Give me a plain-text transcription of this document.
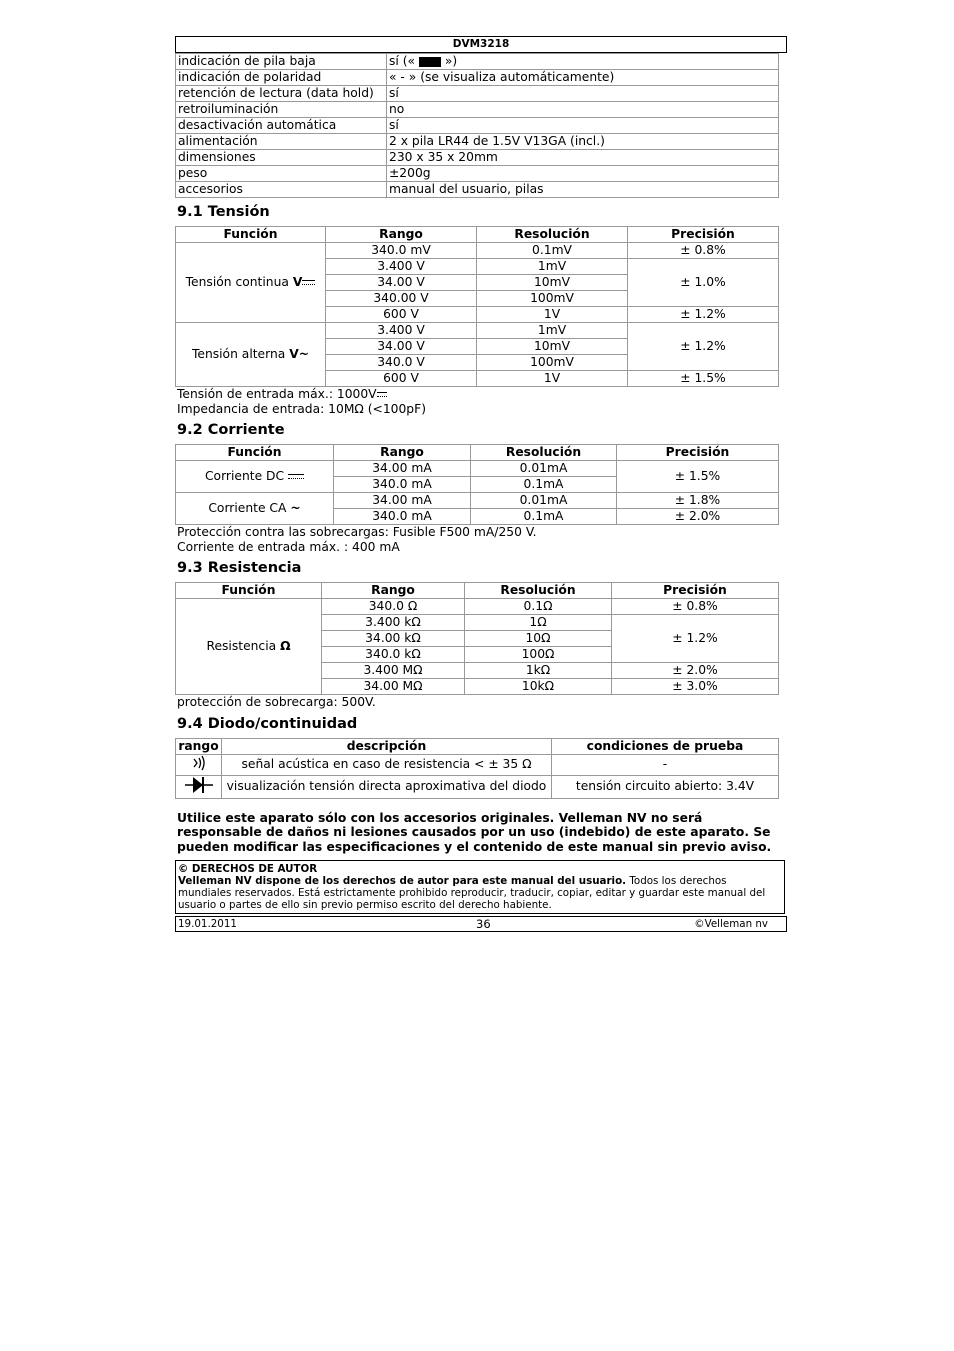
DVM3218
indicación de pila baja	sí («  »)
indicación de polaridad	« - » (se visualiza automáticamente)
retención de lectura (data hold)	sí
retroiluminación	no
desactivación automática	sí
alimentación	2 x pila LR44 de 1.5V V13GA (incl.)
dimensiones	230 x 35 x 20mm
peso	±200g
accesorios	manual del usuario, pilas
9.1 Tensión
Función	Rango	Resolución	Precisión
Tensión continua V	340.0 mV	0.1mV	± 0.8%
	3.400 V	1mV	± 1.0%
	34.00 V	10mV	
	340.00 V	100mV	
	600 V	1V	± 1.2%
Tensión alterna V~	3.400 V	1mV	± 1.2%
	34.00 V	10mV	
	340.0 V	100mV	
	600 V	1V	± 1.5%
Tensión de entrada máx.: 1000V
Impedancia de entrada: 10MΩ (<100pF)
9.2 Corriente
Función	Rango	Resolución	Precisión
Corriente DC	34.00 mA	0.01mA	± 1.5%
	340.0 mA	0.1mA	
Corriente CA ~	34.00 mA	0.01mA	± 1.8%
	340.0 mA	0.1mA	± 2.0%
Protección contra las sobrecargas: Fusible F500 mA/250 V.
Corriente de entrada máx. : 400 mA
9.3 Resistencia
Función	Rango	Resolución	Precisión
Resistencia Ω	340.0 Ω	0.1Ω	± 0.8%
	3.400 kΩ	1Ω	± 1.2%
	34.00 kΩ	10Ω	
	340.0 kΩ	100Ω	
	3.400 MΩ	1kΩ	± 2.0%
	34.00 MΩ	10kΩ	± 3.0%
protección de sobrecarga: 500V.
9.4 Diodo/continuidad
rango	descripción	condiciones de prueba
	señal acústica en caso de resistencia < ± 35 Ω	-
	visualización tensión directa aproximativa del diodo	tensión circuito abierto: 3.4V
Utilice este aparato sólo con los accesorios originales. Velleman NV no será responsable de daños ni lesiones causados por un uso (indebido) de este aparato. Se pueden modificar las especificaciones y el contenido de este manual sin previo aviso.
© DERECHOS DE AUTOR
Velleman NV dispone de los derechos de autor para este manual del usuario. Todos los derechos mundiales reservados. Está estrictamente prohibido reproducir, traducir, copiar, editar y guardar este manual del usuario o partes de ello sin previo permiso escrito del derecho habiente.
19.01.2011	36	©Velleman nv
